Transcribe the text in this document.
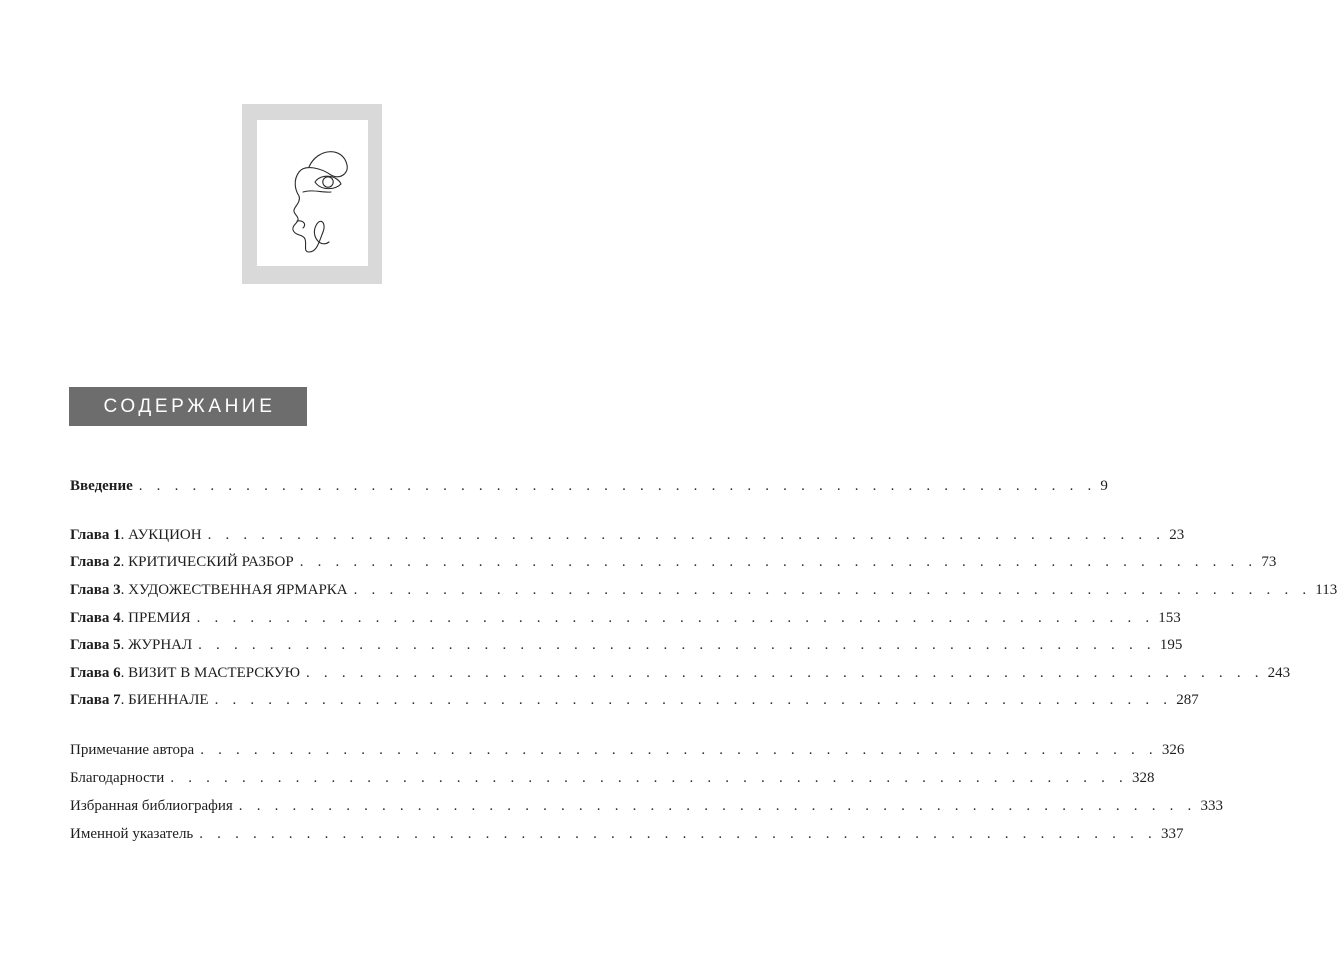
СОДЕРЖАНИЕ
Введение . . . . . . . . . . . . . . . . . . . . . . . . . . . . . . . . . . . . . . . . . . . . . . . . . . . . . . 9
Глава 1. АУКЦИОН . . . . . . . . . . . . . . . . . . . . . . . . . . . . . . . . . . . . . . . . . . . . . . . . . . . . . . 23
Глава 2. КРИТИЧЕСКИЙ РАЗБОР . . . . . . . . . . . . . . . . . . . . . . . . . . . . . . . . . . . . . . . . . . . . . . . . . . . . . . 73
Глава 3. ХУДОЖЕСТВЕННАЯ ЯРМАРКА . . . . . . . . . . . . . . . . . . . . . . . . . . . . . . . . . . . . . . . . . . . . . . . . . . . . . . 113
Глава 4. ПРЕМИЯ . . . . . . . . . . . . . . . . . . . . . . . . . . . . . . . . . . . . . . . . . . . . . . . . . . . . . . 153
Глава 5. ЖУРНАЛ . . . . . . . . . . . . . . . . . . . . . . . . . . . . . . . . . . . . . . . . . . . . . . . . . . . . . . 195
Глава 6. ВИЗИТ В МАСТЕРСКУЮ . . . . . . . . . . . . . . . . . . . . . . . . . . . . . . . . . . . . . . . . . . . . . . . . . . . . . . 243
Глава 7. БИЕННАЛЕ . . . . . . . . . . . . . . . . . . . . . . . . . . . . . . . . . . . . . . . . . . . . . . . . . . . . . . 287
Примечание автора . . . . . . . . . . . . . . . . . . . . . . . . . . . . . . . . . . . . . . . . . . . . . . . . . . . . . . 326
Благодарности . . . . . . . . . . . . . . . . . . . . . . . . . . . . . . . . . . . . . . . . . . . . . . . . . . . . . . 328
Избранная библиография . . . . . . . . . . . . . . . . . . . . . . . . . . . . . . . . . . . . . . . . . . . . . . . . . . . . . . 333
Именной указатель . . . . . . . . . . . . . . . . . . . . . . . . . . . . . . . . . . . . . . . . . . . . . . . . . . . . . . 337
